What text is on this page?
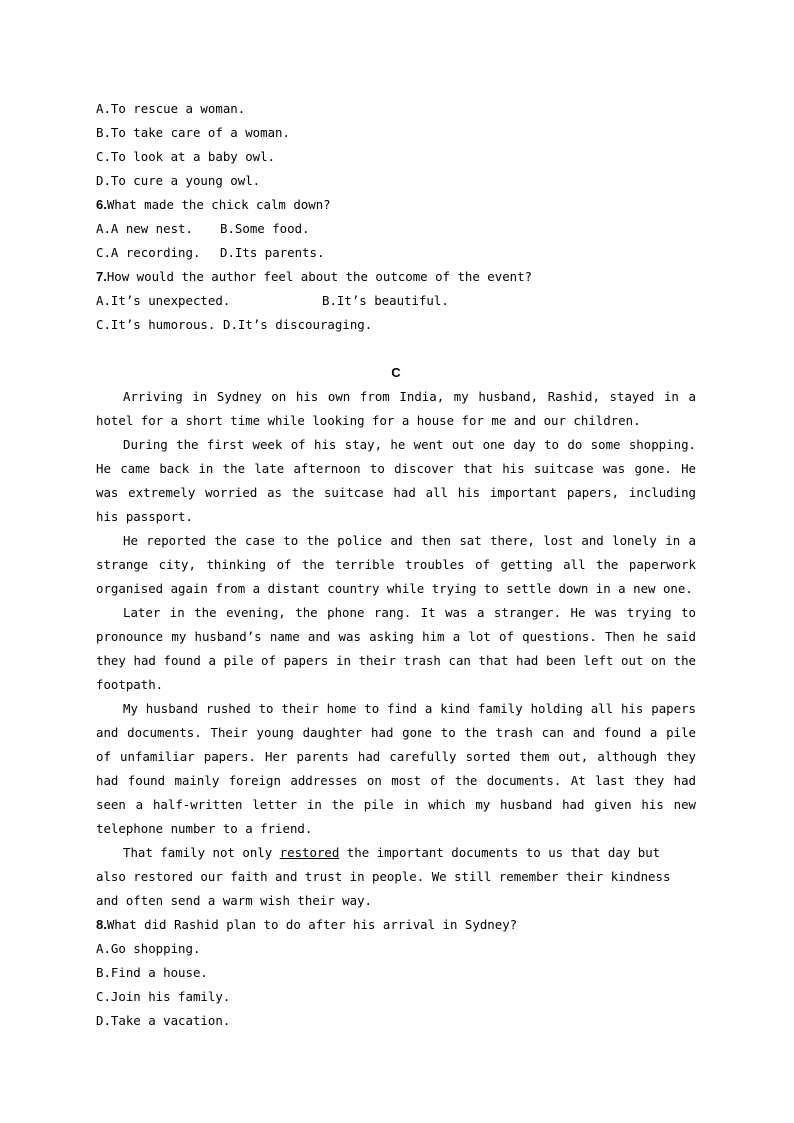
A.To rescue a woman.
B.To take care of a woman.
C.To look at a baby owl.
D.To cure a young owl.
6.What made the chick calm down?
A.A new nest. B.Some food.
C.A recording. D.Its parents.
7.How would the author feel about the outcome of the event?
A.It’s unexpected.	B.It’s beautiful.
C.It’s humorous. D.It’s discouraging.
C

Arriving in Sydney on his own from India, my husband, Rashid, stayed in a hotel for a short time while looking for a house for me and our children.

During the first week of his stay, he went out one day to do some shopping. He came back in the late afternoon to discover that his suitcase was gone. He was extremely worried as the suitcase had all his important papers, including his passport.

He reported the case to the police and then sat there, lost and lonely in a strange city, thinking of the terrible troubles of getting all the paperwork organised again from a distant country while trying to settle down in a new one.

Later in the evening, the phone rang. It was a stranger. He was trying to pronounce my husband’s name and was asking him a lot of questions. Then he said they had found a pile of papers in their trash can that had been left out on the footpath.

My husband rushed to their home to find a kind family holding all his papers and documents. Their young daughter had gone to the trash can and found a pile of unfamiliar papers. Her parents had carefully sorted them out, although they had found mainly foreign addresses on most of the documents. At last they had seen a half-written letter in the pile in which my husband had given his new telephone number to a friend.

That family not only restored the important documents to us that day but also restored our faith and trust in people. We still remember their kindness and often send a warm wish their way.

8.What did Rashid plan to do after his arrival in Sydney?
A.Go shopping.
B.Find a house.
C.Join his family.
D.Take a vacation.
